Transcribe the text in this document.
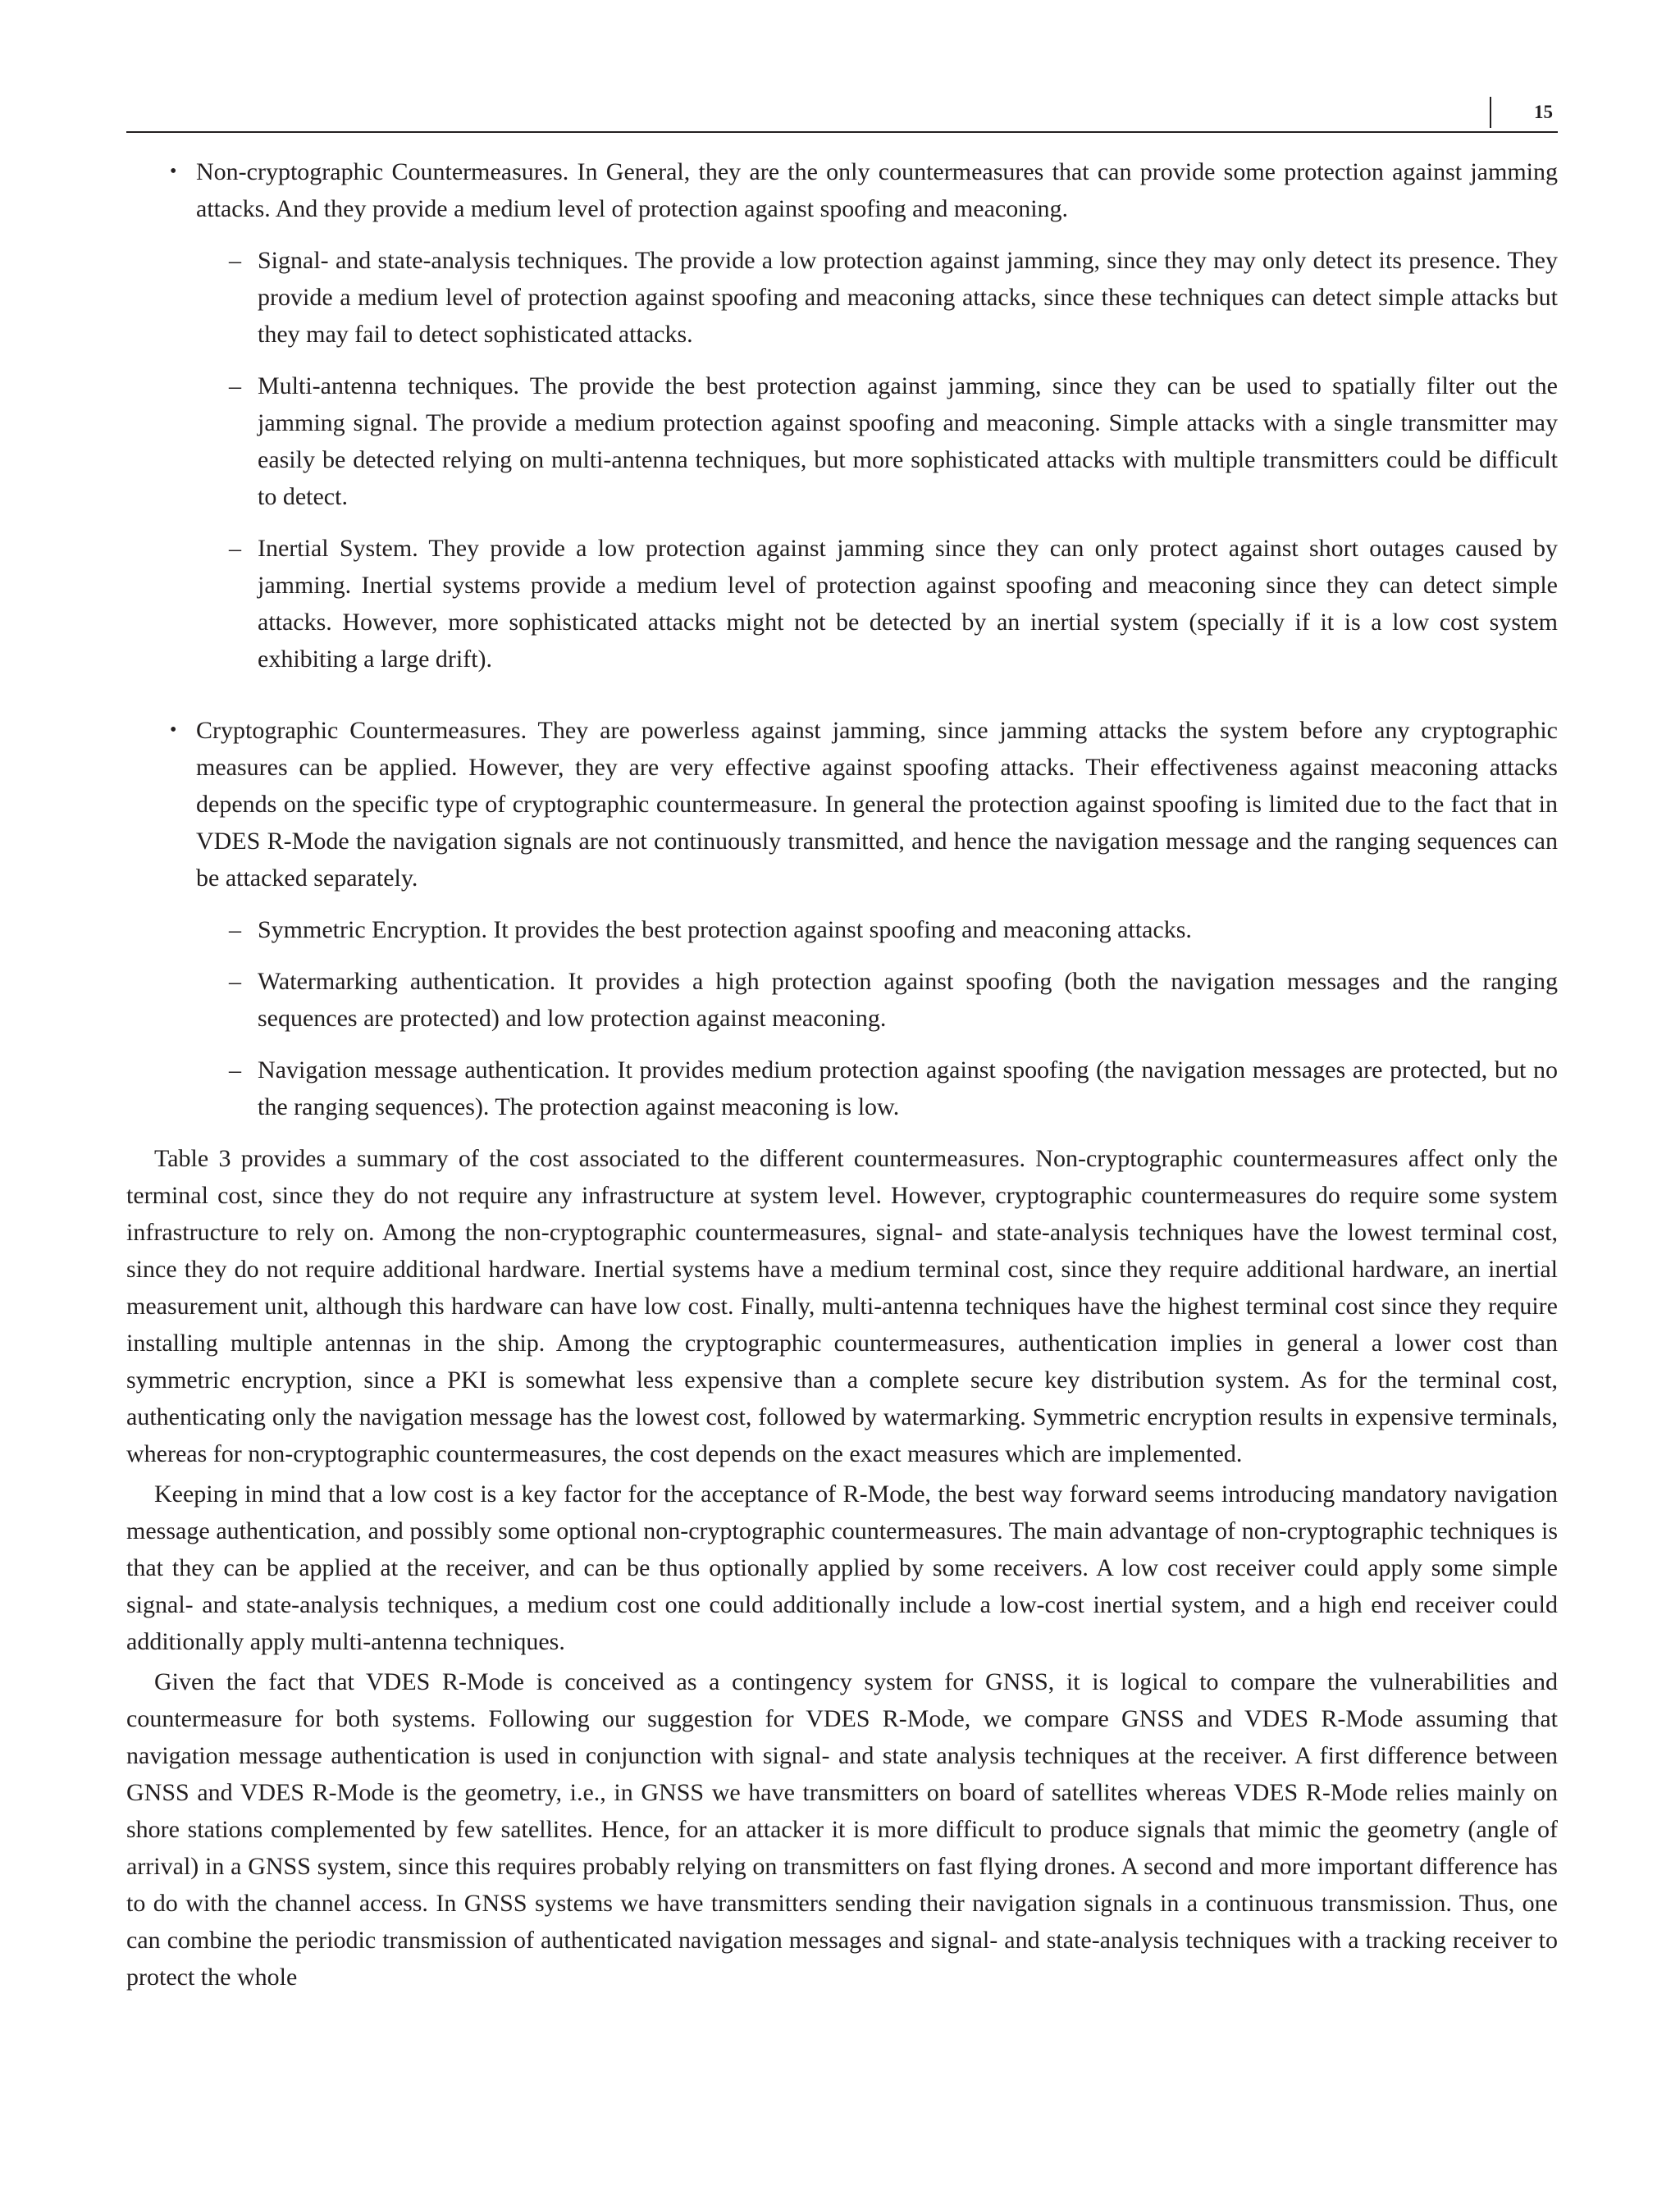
15
• Non-cryptographic Countermeasures. In General, they are the only countermeasures that can provide some protection against jamming attacks. And they provide a medium level of protection against spoofing and meaconing.
– Signal- and state-analysis techniques. The provide a low protection against jamming, since they may only detect its presence. They provide a medium level of protection against spoofing and meaconing attacks, since these techniques can detect simple attacks but they may fail to detect sophisticated attacks.
– Multi-antenna techniques. The provide the best protection against jamming, since they can be used to spatially filter out the jamming signal. The provide a medium protection against spoofing and meaconing. Simple attacks with a single transmitter may easily be detected relying on multi-antenna techniques, but more sophisticated attacks with multiple transmitters could be difficult to detect.
– Inertial System. They provide a low protection against jamming since they can only protect against short outages caused by jamming. Inertial systems provide a medium level of protection against spoofing and meaconing since they can detect simple attacks. However, more sophisticated attacks might not be detected by an inertial system (specially if it is a low cost system exhibiting a large drift).
• Cryptographic Countermeasures. They are powerless against jamming, since jamming attacks the system before any cryptographic measures can be applied. However, they are very effective against spoofing attacks. Their effectiveness against meaconing attacks depends on the specific type of cryptographic countermeasure. In general the protection against spoofing is limited due to the fact that in VDES R-Mode the navigation signals are not continuously transmitted, and hence the navigation message and the ranging sequences can be attacked separately.
– Symmetric Encryption. It provides the best protection against spoofing and meaconing attacks.
– Watermarking authentication. It provides a high protection against spoofing (both the navigation messages and the ranging sequences are protected) and low protection against meaconing.
– Navigation message authentication. It provides medium protection against spoofing (the navigation messages are protected, but no the ranging sequences). The protection against meaconing is low.

Table 3 provides a summary of the cost associated to the different countermeasures. Non-cryptographic countermeasures affect only the terminal cost, since they do not require any infrastructure at system level. However, cryptographic countermeasures do require some system infrastructure to rely on. Among the non-cryptographic countermeasures, signal- and state-analysis techniques have the lowest terminal cost, since they do not require additional hardware. Inertial systems have a medium terminal cost, since they require additional hardware, an inertial measurement unit, although this hardware can have low cost. Finally, multi-antenna techniques have the highest terminal cost since they require installing multiple antennas in the ship. Among the cryptographic countermeasures, authentication implies in general a lower cost than symmetric encryption, since a PKI is somewhat less expensive than a complete secure key distribution system. As for the terminal cost, authenticating only the navigation message has the lowest cost, followed by watermarking. Symmetric encryption results in expensive terminals, whereas for non-cryptographic countermeasures, the cost depends on the exact measures which are implemented.

Keeping in mind that a low cost is a key factor for the acceptance of R-Mode, the best way forward seems introducing mandatory navigation message authentication, and possibly some optional non-cryptographic countermeasures. The main advantage of non-cryptographic techniques is that they can be applied at the receiver, and can be thus optionally applied by some receivers. A low cost receiver could apply some simple signal- and state-analysis techniques, a medium cost one could additionally include a low-cost inertial system, and a high end receiver could additionally apply multi-antenna techniques.

Given the fact that VDES R-Mode is conceived as a contingency system for GNSS, it is logical to compare the vulnerabilities and countermeasure for both systems. Following our suggestion for VDES R-Mode, we compare GNSS and VDES R-Mode assuming that navigation message authentication is used in conjunction with signal- and state analysis techniques at the receiver. A first difference between GNSS and VDES R-Mode is the geometry, i.e., in GNSS we have transmitters on board of satellites whereas VDES R-Mode relies mainly on shore stations complemented by few satellites. Hence, for an attacker it is more difficult to produce signals that mimic the geometry (angle of arrival) in a GNSS system, since this requires probably relying on transmitters on fast flying drones. A second and more important difference has to do with the channel access. In GNSS systems we have transmitters sending their navigation signals in a continuous transmission. Thus, one can combine the periodic transmission of authenticated navigation messages and signal- and state-analysis techniques with a tracking receiver to protect the whole
